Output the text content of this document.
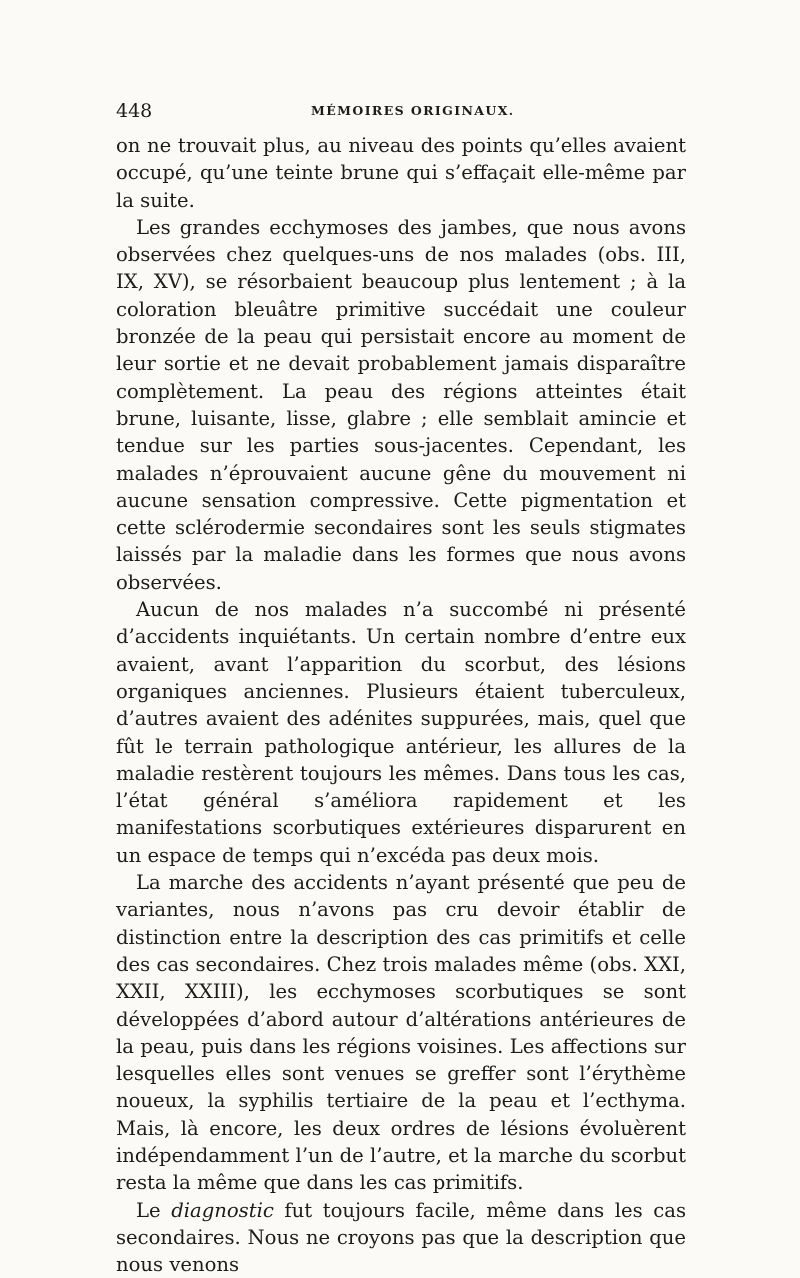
448	MÉMOIRES ORIGINAUX.

on ne trouvait plus, au niveau des points qu’elles avaient occupé, qu’une teinte brune qui s’effaçait elle-même par la suite.

Les grandes ecchymoses des jambes, que nous avons observées chez quelques-uns de nos malades (obs. III, IX, XV), se résorbaient beaucoup plus lentement ; à la coloration bleuâtre primitive succédait une couleur bronzée de la peau qui persistait encore au moment de leur sortie et ne devait probablement jamais disparaître complètement. La peau des régions atteintes était brune, luisante, lisse, glabre ; elle semblait amincie et tendue sur les parties sous-jacentes. Cependant, les malades n’éprouvaient aucune gêne du mouvement ni aucune sensation compressive. Cette pigmentation et cette sclérodermie secondaires sont les seuls stigmates laissés par la maladie dans les formes que nous avons observées.

Aucun de nos malades n’a succombé ni présenté d’accidents inquiétants. Un certain nombre d’entre eux avaient, avant l’apparition du scorbut, des lésions organiques anciennes. Plusieurs étaient tuberculeux, d’autres avaient des adénites suppurées, mais, quel que fût le terrain pathologique antérieur, les allures de la maladie restèrent toujours les mêmes. Dans tous les cas, l’état général s’améliora rapidement et les manifestations scorbutiques extérieures disparurent en un espace de temps qui n’excéda pas deux mois.

La marche des accidents n’ayant présenté que peu de variantes, nous n’avons pas cru devoir établir de distinction entre la description des cas primitifs et celle des cas secondaires. Chez trois malades même (obs. XXI, XXII, XXIII), les ecchymoses scorbutiques se sont développées d’abord autour d’altérations antérieures de la peau, puis dans les régions voisines. Les affections sur lesquelles elles sont venues se greffer sont l’érythème noueux, la syphilis tertiaire de la peau et l’ecthyma. Mais, là encore, les deux ordres de lésions évoluèrent indépendamment l’un de l’autre, et la marche du scorbut resta la même que dans les cas primitifs.

Le diagnostic fut toujours facile, même dans les cas secondaires. Nous ne croyons pas que la description que nous venons
